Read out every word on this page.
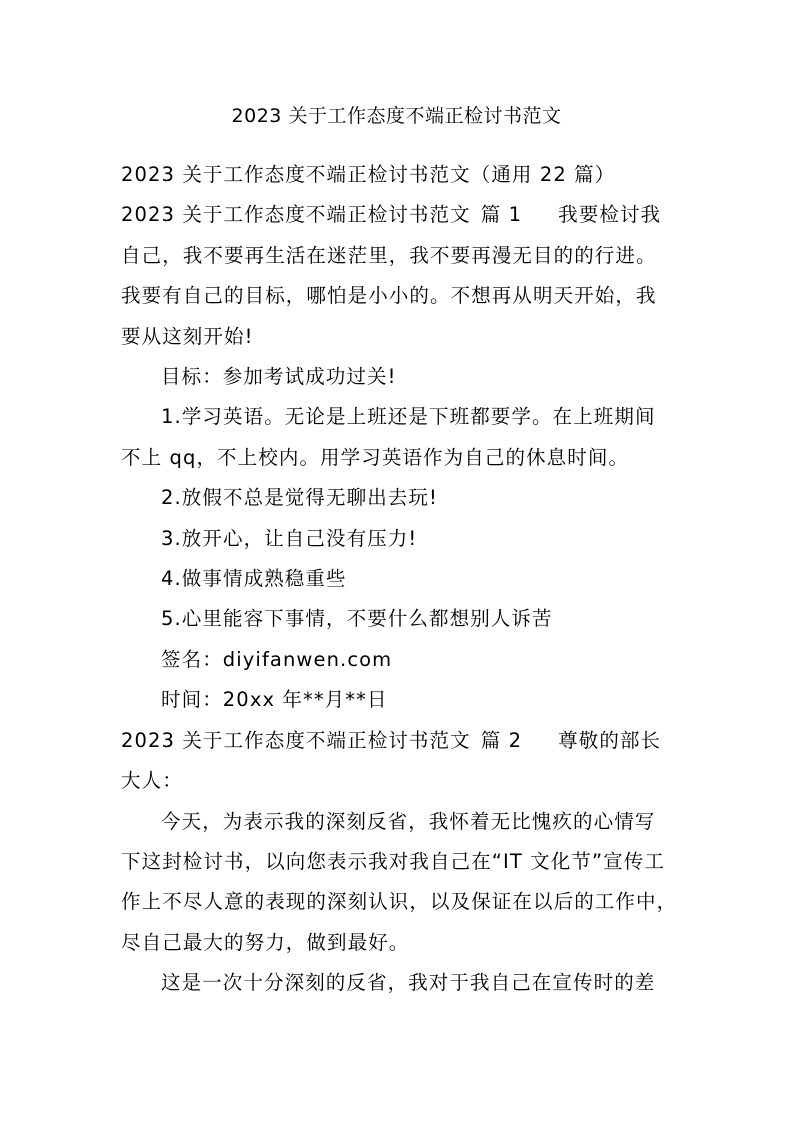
2023 关于工作态度不端正检讨书范文

2023 关于工作态度不端正检讨书范文（通用 22 篇）

2023 关于工作态度不端正检讨书范文 篇 1 我要检讨我

自己，我不要再生活在迷茫里，我不要再漫无目的的行进。

我要有自己的目标，哪怕是小小的。不想再从明天开始，我

要从这刻开始!

目标：参加考试成功过关!

1.学习英语。无论是上班还是下班都要学。在上班期间

不上 qq，不上校内。用学习英语作为自己的休息时间。

2.放假不总是觉得无聊出去玩!

3.放开心，让自己没有压力!

4.做事情成熟稳重些

5.心里能容下事情，不要什么都想别人诉苦

签名：diyifanwen.com

时间：20xx 年**月**日

2023 关于工作态度不端正检讨书范文 篇 2 尊敬的部长

大人：

今天，为表示我的深刻反省，我怀着无比愧疚的心情写

下这封检讨书，以向您表示我对我自己在“IT 文化节”宣传工

作上不尽人意的表现的深刻认识，以及保证在以后的工作中，

尽自己最大的努力，做到最好。

这是一次十分深刻的反省，我对于我自己在宣传时的差
